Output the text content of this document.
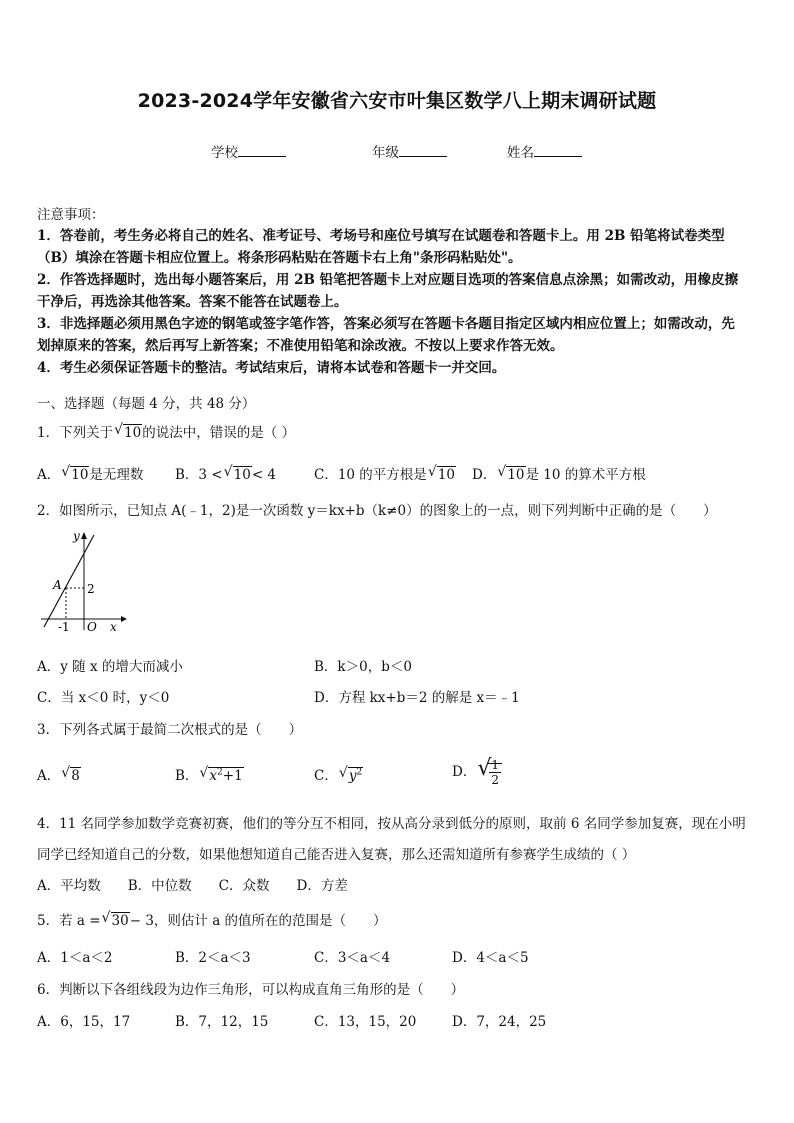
2023-2024学年安徽省六安市叶集区数学八上期末调研试题
学校	年级	姓名
注意事项：
1．答卷前，考生务必将自己的姓名、准考证号、考场号和座位号填写在试题卷和答题卡上。用 2B 铅笔将试卷类型
（B）填涂在答题卡相应位置上。将条形码粘贴在答题卡右上角"条形码粘贴处"。
2．作答选择题时，选出每小题答案后，用 2B 铅笔把答题卡上对应题目选项的答案信息点涂黑；如需改动，用橡皮擦
干净后，再选涂其他答案。答案不能答在试题卷上。
3．非选择题必须用黑色字迹的钢笔或签字笔作答，答案必须写在答题卡各题目指定区域内相应位置上；如需改动，先
划掉原来的答案，然后再写上新答案；不准使用铅笔和涂改液。不按以上要求作答无效。
4．考生必须保证答题卡的整洁。考试结束后，请将本试卷和答题卡一并交回。
一、选择题（每题 4 分，共 48 分）
1．下列关于 √ 10的说法中，错误的是（ ）
A． √ 10是无理数 B．3 < √ 10< 4	C．10 的平方根是 √ 10 D． √ 10是 10 的算术平方根
2．如图所示，已知点 A(﹣1，2)是一次函数 y＝kx+b（k≠0）的图象上的一点，则下列判断中正确的是（　　）
y
x
A 2
-1 O
A．y 随 x 的增大而减小	B．k＞0，b＜0
C．当 x＜0 时，y＜0	D．方程 kx+b＝2 的解是 x＝﹣1
3．下列各式属于最简二次根式的是（　　）
A． √ 8	B． √ $x^2+1$	C． √ $y^2$	D． √
$\frac{1}{2}$
4．11 名同学参加数学竞赛初赛，他们的等分互不相同，按从高分录到低分的原则，取前 6 名同学参加复赛，现在小明
同学已经知道自己的分数，如果他想知道自己能否进入复赛，那么还需知道所有参赛学生成绩的（ ）
A．平均数　　B．中位数　　C．众数　　D．方差
5．若 a = √ 30− 3，则估计 a 的值所在的范围是（　　）
A．1＜a＜2	B．2＜a＜3	C．3＜a＜4	D．4＜a＜5
6．判断以下各组线段为边作三角形，可以构成直角三角形的是（　　）
A．6，15，17	B．7，12，15	C．13，15，20	D．7，24，25
